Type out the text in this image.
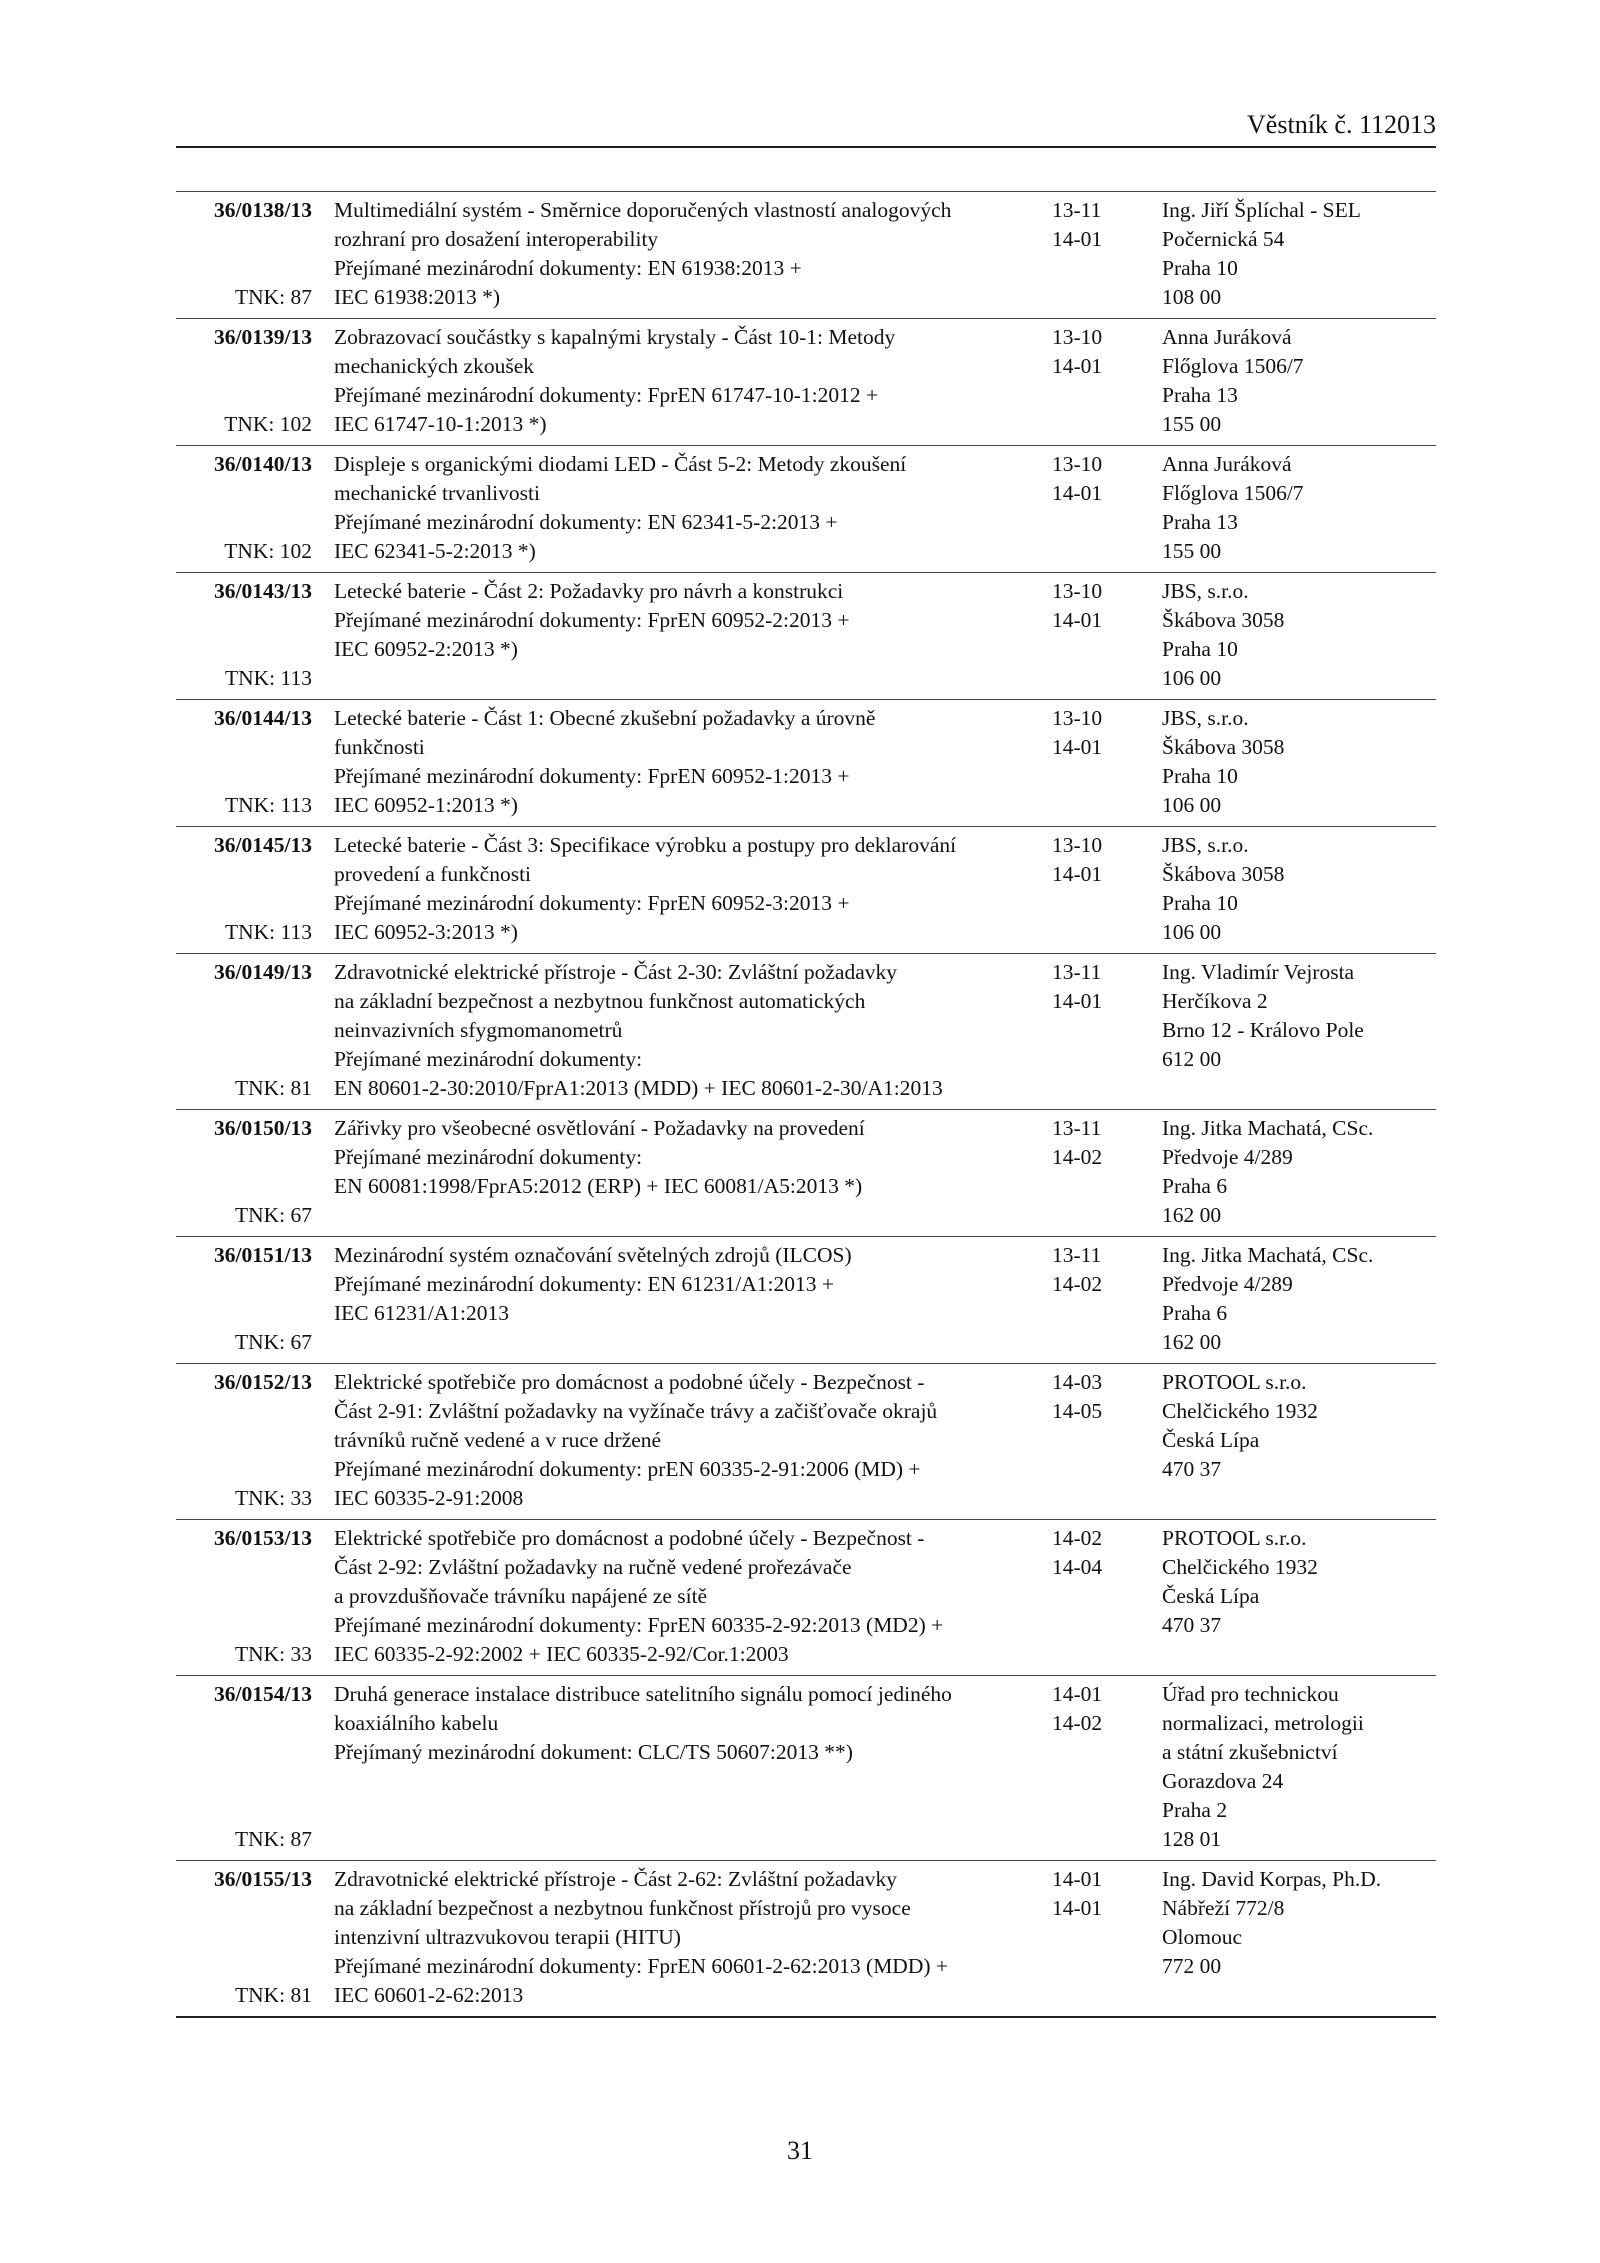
Věstník č. 112013
36/0138/13
TNK: 87
Multimediální systém - Směrnice doporučených vlastností analogových
rozhraní pro dosažení interoperability
Přejímané mezinárodní dokumenty: EN 61938:2013 +
IEC 61938:2013 *)
13-11
14-01
Ing. Jiří Šplíchal - SEL
Počernická 54
Praha 10
108 00
36/0139/13
TNK: 102
Zobrazovací součástky s kapalnými krystaly - Část 10-1: Metody
mechanických zkoušek
Přejímané mezinárodní dokumenty: FprEN 61747-10-1:2012 +
IEC 61747-10-1:2013 *)
13-10
14-01
Anna Juráková
Flőglova 1506/7
Praha 13
155 00
36/0140/13
TNK: 102
Displeje s organickými diodami LED - Část 5-2: Metody zkoušení
mechanické trvanlivosti
Přejímané mezinárodní dokumenty: EN 62341-5-2:2013 +
IEC 62341-5-2:2013 *)
13-10
14-01
Anna Juráková
Flőglova 1506/7
Praha 13
155 00
36/0143/13
TNK: 113
Letecké baterie - Část 2: Požadavky pro návrh a konstrukci
Přejímané mezinárodní dokumenty: FprEN 60952-2:2013 +
IEC 60952-2:2013 *)
13-10
14-01
JBS, s.r.o.
Škábova 3058
Praha 10
106 00
36/0144/13
TNK: 113
Letecké baterie - Část 1: Obecné zkušební požadavky a úrovně
funkčnosti
Přejímané mezinárodní dokumenty: FprEN 60952-1:2013 +
IEC 60952-1:2013 *)
13-10
14-01
JBS, s.r.o.
Škábova 3058
Praha 10
106 00
36/0145/13
TNK: 113
Letecké baterie - Část 3: Specifikace výrobku a postupy pro deklarování
provedení a funkčnosti
Přejímané mezinárodní dokumenty: FprEN 60952-3:2013 +
IEC 60952-3:2013 *)
13-10
14-01
JBS, s.r.o.
Škábova 3058
Praha 10
106 00
36/0149/13
TNK: 81
Zdravotnické elektrické přístroje - Část 2-30: Zvláštní požadavky
na základní bezpečnost a nezbytnou funkčnost automatických
neinvazivních sfygmomanometrů
Přejímané mezinárodní dokumenty:
EN 80601-2-30:2010/FprA1:2013 (MDD) + IEC 80601-2-30/A1:2013
13-11
14-01
Ing. Vladimír Vejrosta
Herčíkova 2
Brno 12 - Královo Pole
612 00
36/0150/13
TNK: 67
Zářivky pro všeobecné osvětlování - Požadavky na provedení
Přejímané mezinárodní dokumenty:
EN 60081:1998/FprA5:2012 (ERP) + IEC 60081/A5:2013 *)
13-11
14-02
Ing. Jitka Machatá, CSc.
Předvoje 4/289
Praha 6
162 00
36/0151/13
TNK: 67
Mezinárodní systém označování světelných zdrojů (ILCOS)
Přejímané mezinárodní dokumenty: EN 61231/A1:2013 +
IEC 61231/A1:2013
13-11
14-02
Ing. Jitka Machatá, CSc.
Předvoje 4/289
Praha 6
162 00
36/0152/13
TNK: 33
Elektrické spotřebiče pro domácnost a podobné účely - Bezpečnost -
Část 2-91: Zvláštní požadavky na vyžínače trávy a začišťovače okrajů
trávníků ručně vedené a v ruce držené
Přejímané mezinárodní dokumenty: prEN 60335-2-91:2006 (MD) +
IEC 60335-2-91:2008
14-03
14-05
PROTOOL s.r.o.
Chelčického 1932
Česká Lípa
470 37
36/0153/13
TNK: 33
Elektrické spotřebiče pro domácnost a podobné účely - Bezpečnost -
Část 2-92: Zvláštní požadavky na ručně vedené prořezávače
a provzdušňovače trávníku napájené ze sítě
Přejímané mezinárodní dokumenty: FprEN 60335-2-92:2013 (MD2) +
IEC 60335-2-92:2002 + IEC 60335-2-92/Cor.1:2003
14-02
14-04
PROTOOL s.r.o.
Chelčického 1932
Česká Lípa
470 37
36/0154/13
TNK: 87
Druhá generace instalace distribuce satelitního signálu pomocí jediného
koaxiálního kabelu
Přejímaný mezinárodní dokument: CLC/TS 50607:2013 **)
14-01
14-02
Úřad pro technickou
normalizaci, metrologii
a státní zkušebnictví
Gorazdova 24
Praha 2
128 01
36/0155/13
TNK: 81
Zdravotnické elektrické přístroje - Část 2-62: Zvláštní požadavky
na základní bezpečnost a nezbytnou funkčnost přístrojů pro vysoce
intenzivní ultrazvukovou terapii (HITU)
Přejímané mezinárodní dokumenty: FprEN 60601-2-62:2013 (MDD) +
IEC 60601-2-62:2013
14-01
14-01
Ing. David Korpas, Ph.D.
Nábřeží 772/8
Olomouc
772 00
31
